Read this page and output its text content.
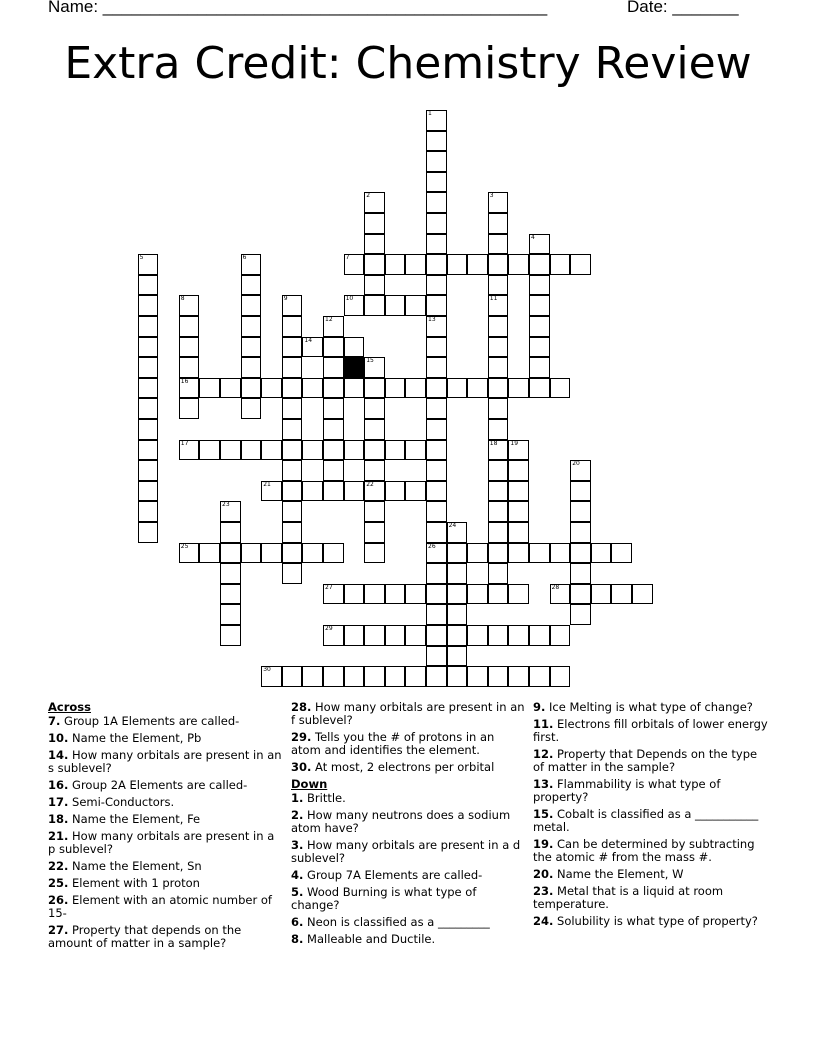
Name: _______________________________________________	Date: _______
Extra Credit: Chemistry Review
1
13
26
2	3
4
5	6	7
8
16
9	10	11
18
12
14
15
22
17	19
20
21
23
24
25
27	28
29
30
Across
7. Group 1A Elements are called-
10. Name the Element, Pb
14. How many orbitals are present in an s sublevel?
16. Group 2A Elements are called-
17. Semi-Conductors.
18. Name the Element, Fe
21. How many orbitals are present in a p sublevel?
22. Name the Element, Sn
25. Element with 1 proton
26. Element with an atomic number of 15-
27. Property that depends on the amount of matter in a sample?
28. How many orbitals are present in an f sublevel?
29. Tells you the # of protons in an atom and identifies the element.
30. At most, 2 electrons per orbital
Down
1. Brittle.
2. How many neutrons does a sodium atom have?
3. How many orbitals are present in a d sublevel?
4. Group 7A Elements are called-
5. Wood Burning is what type of change?
6. Neon is classified as a _________
8. Malleable and Ductile.
9. Ice Melting is what type of change?
11. Electrons fill orbitals of lower energy first.
12. Property that Depends on the type of matter in the sample?
13. Flammability is what type of property?
15. Cobalt is classified as a ___________ metal.
19. Can be determined by subtracting the atomic # from the mass #.
20. Name the Element, W
23. Metal that is a liquid at room temperature.
24. Solubility is what type of property?
